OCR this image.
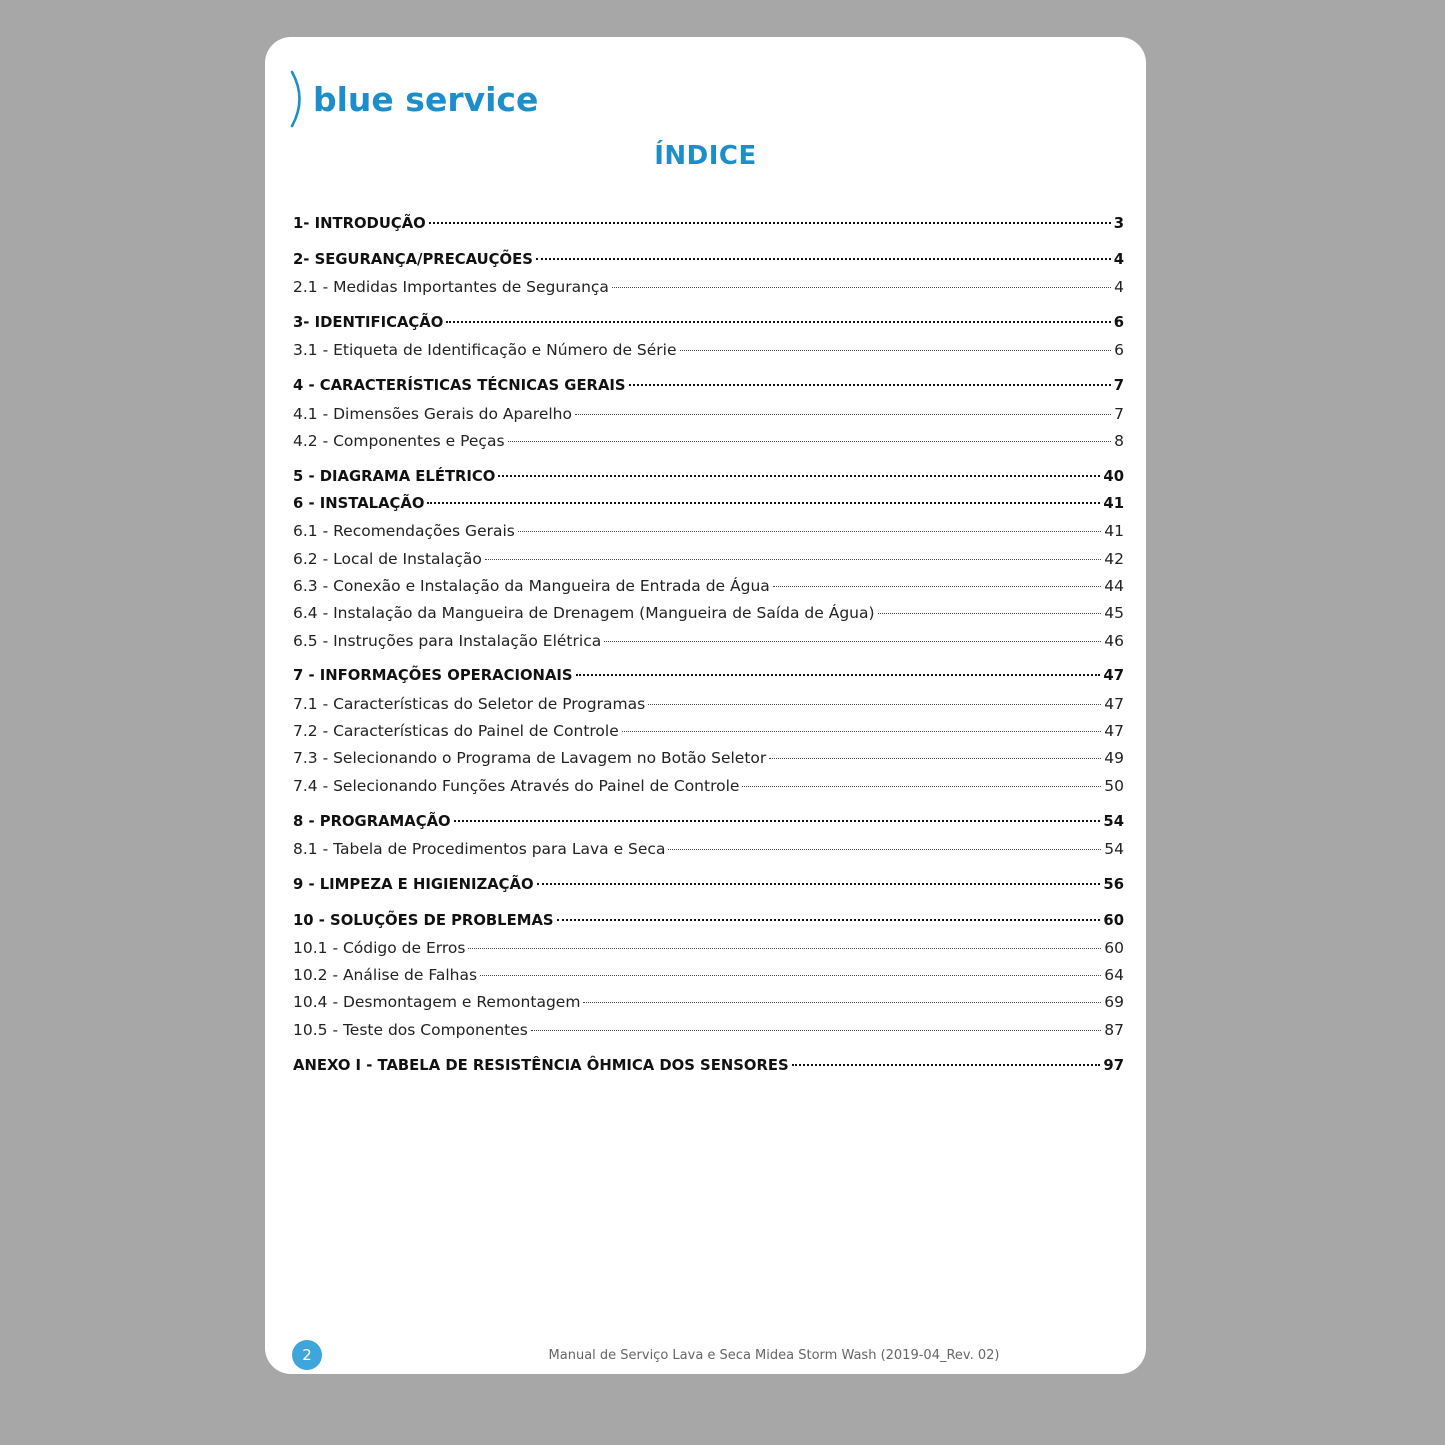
blue service
ÍNDICE
1- INTRODUÇÃO	3
2- SEGURANÇA/PRECAUÇÕES	4
2.1 - Medidas Importantes de Segurança	4
3- IDENTIFICAÇÃO	6
3.1 - Etiqueta de Identificação e Número de Série	6
4 - CARACTERÍSTICAS TÉCNICAS GERAIS	7
4.1 - Dimensões Gerais do Aparelho	7
4.2 - Componentes e Peças	8
5 - DIAGRAMA ELÉTRICO	40
6 - INSTALAÇÃO	41
6.1 - Recomendações Gerais	41
6.2 - Local de Instalação	42
6.3 - Conexão e Instalação da Mangueira de Entrada de Água	44
6.4 - Instalação da Mangueira de Drenagem (Mangueira de Saída de Água)	45
6.5 - Instruções para Instalação Elétrica	46
7 - INFORMAÇÕES OPERACIONAIS	47
7.1 - Características do Seletor de Programas	47
7.2 - Características do Painel de Controle	47
7.3 - Selecionando o Programa de Lavagem no Botão Seletor	49
7.4 - Selecionando Funções Através do Painel de Controle	50
8 - PROGRAMAÇÃO	54
8.1 - Tabela de Procedimentos para Lava e Seca	54
9 - LIMPEZA E HIGIENIZAÇÃO	56
10 - SOLUÇÕES DE PROBLEMAS	60
10.1 - Código de Erros	60
10.2 - Análise de Falhas	64
10.4 - Desmontagem e Remontagem	69
10.5 - Teste dos Componentes	87
ANEXO I - TABELA DE RESISTÊNCIA ÔHMICA DOS SENSORES	97
2	Manual de Serviço Lava e Seca Midea Storm Wash (2019-04_Rev. 02)
